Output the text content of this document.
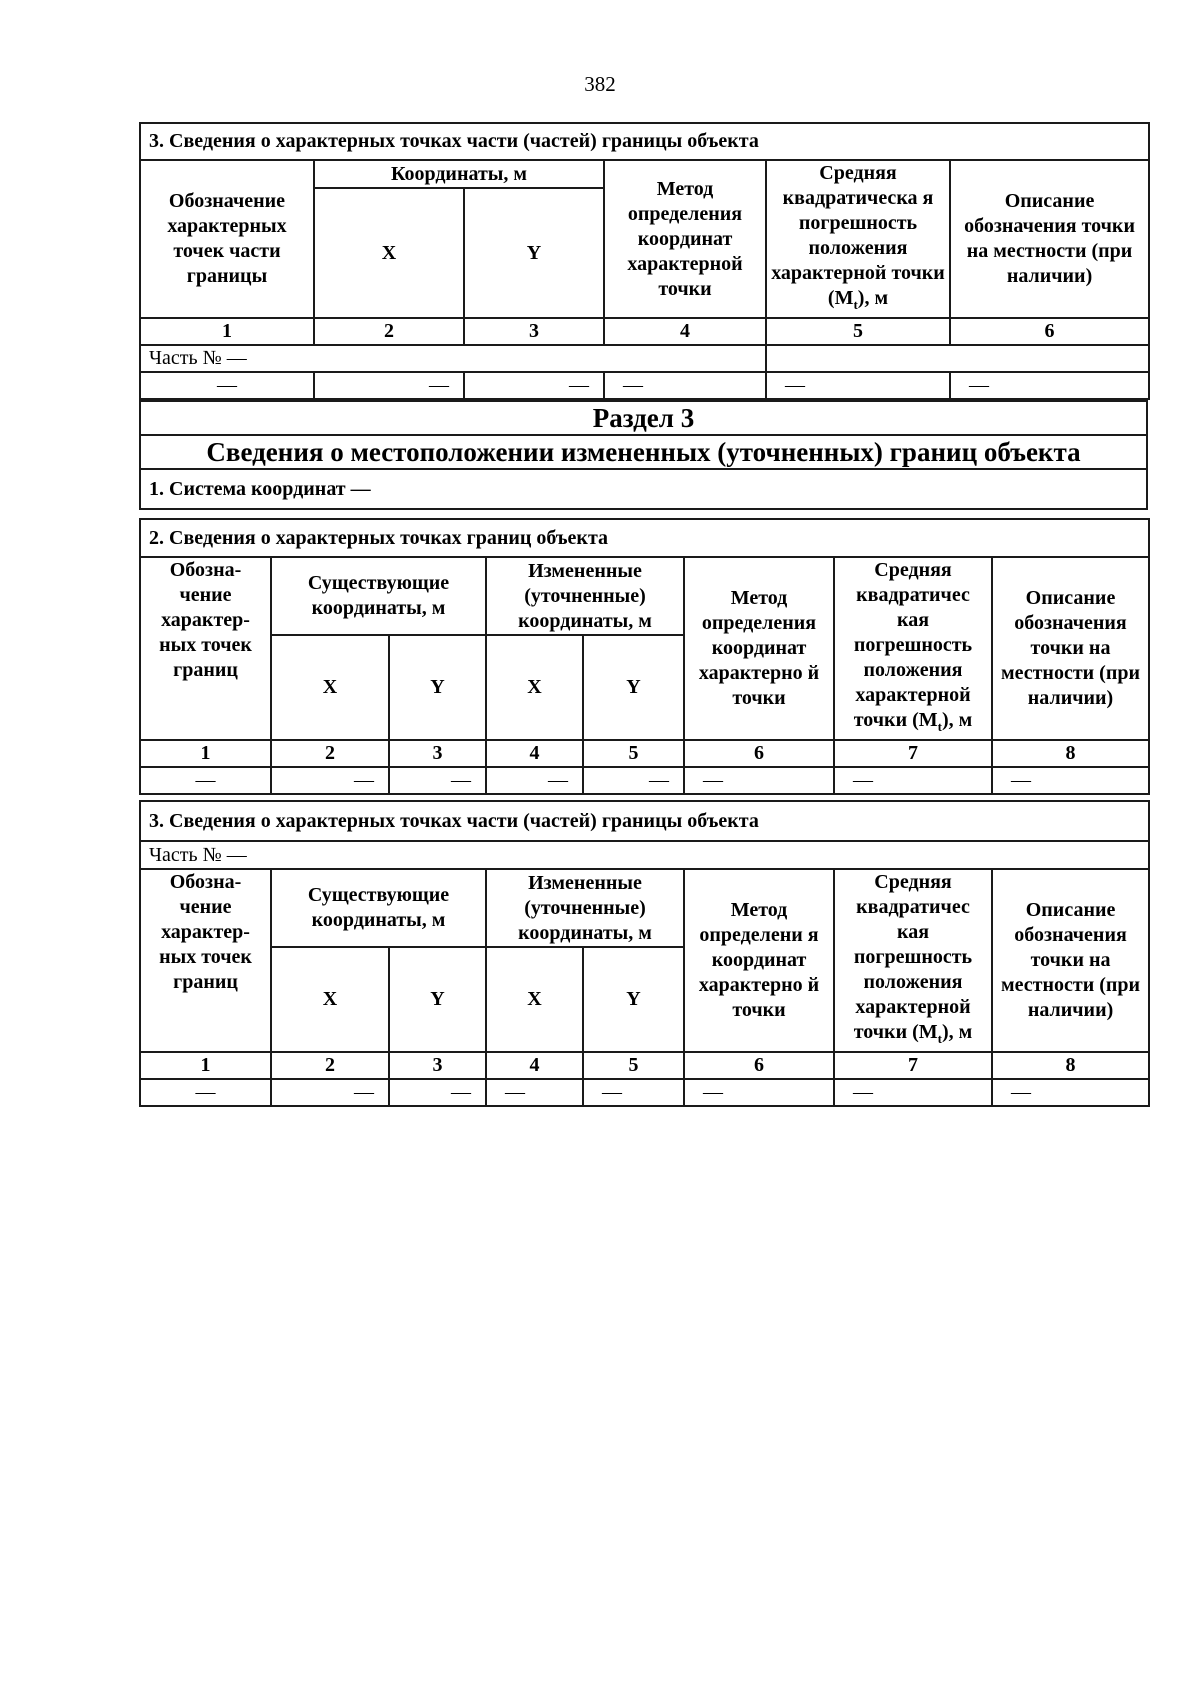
382
3. Сведения о характерных точках части (частей) границы объекта					
Обозначение характерных точек части границы	Координаты, м		Метод определения координат характерной точки	Средняя квадратическа я погрешность положения характерной точки $(M_t)$, м	Описание обозначения точки на местности (при наличии)
	X	Y			
1	2	3	4	5	6
Часть № —					
—	—	—	—	—	—
Раздел 3
Сведения о местоположении измененных (уточненных) границ объекта
1. Система координат —
2. Сведения о характерных точках границ объекта							
Обозна-чение характер-ных точек границ	Существующие координаты, м		Измененные (уточненные) координаты, м		Метод определения координат характерно й точки	Средняя квадратичес кая погрешность положения характерной точки $(M_t)$, м	Описание обозначения точки на местности (при наличии)
	X	Y	X	Y			
1	2	3	4	5	6	7	8
—	—	—	—	—	—	—	—
3. Сведения о характерных точках части (частей) границы объекта							
Часть № —							
Обозна-чение характер-ных точек границ	Существующие координаты, м		Измененные (уточненные) координаты, м		Метод определени я координат характерно й точки	Средняя квадратичес кая погрешность положения характерной точки $(M_t)$, м	Описание обозначения точки на местности (при наличии)
	X	Y	X	Y			
1	2	3	4	5	6	7	8
—	—	—	—	—	—	—	—
